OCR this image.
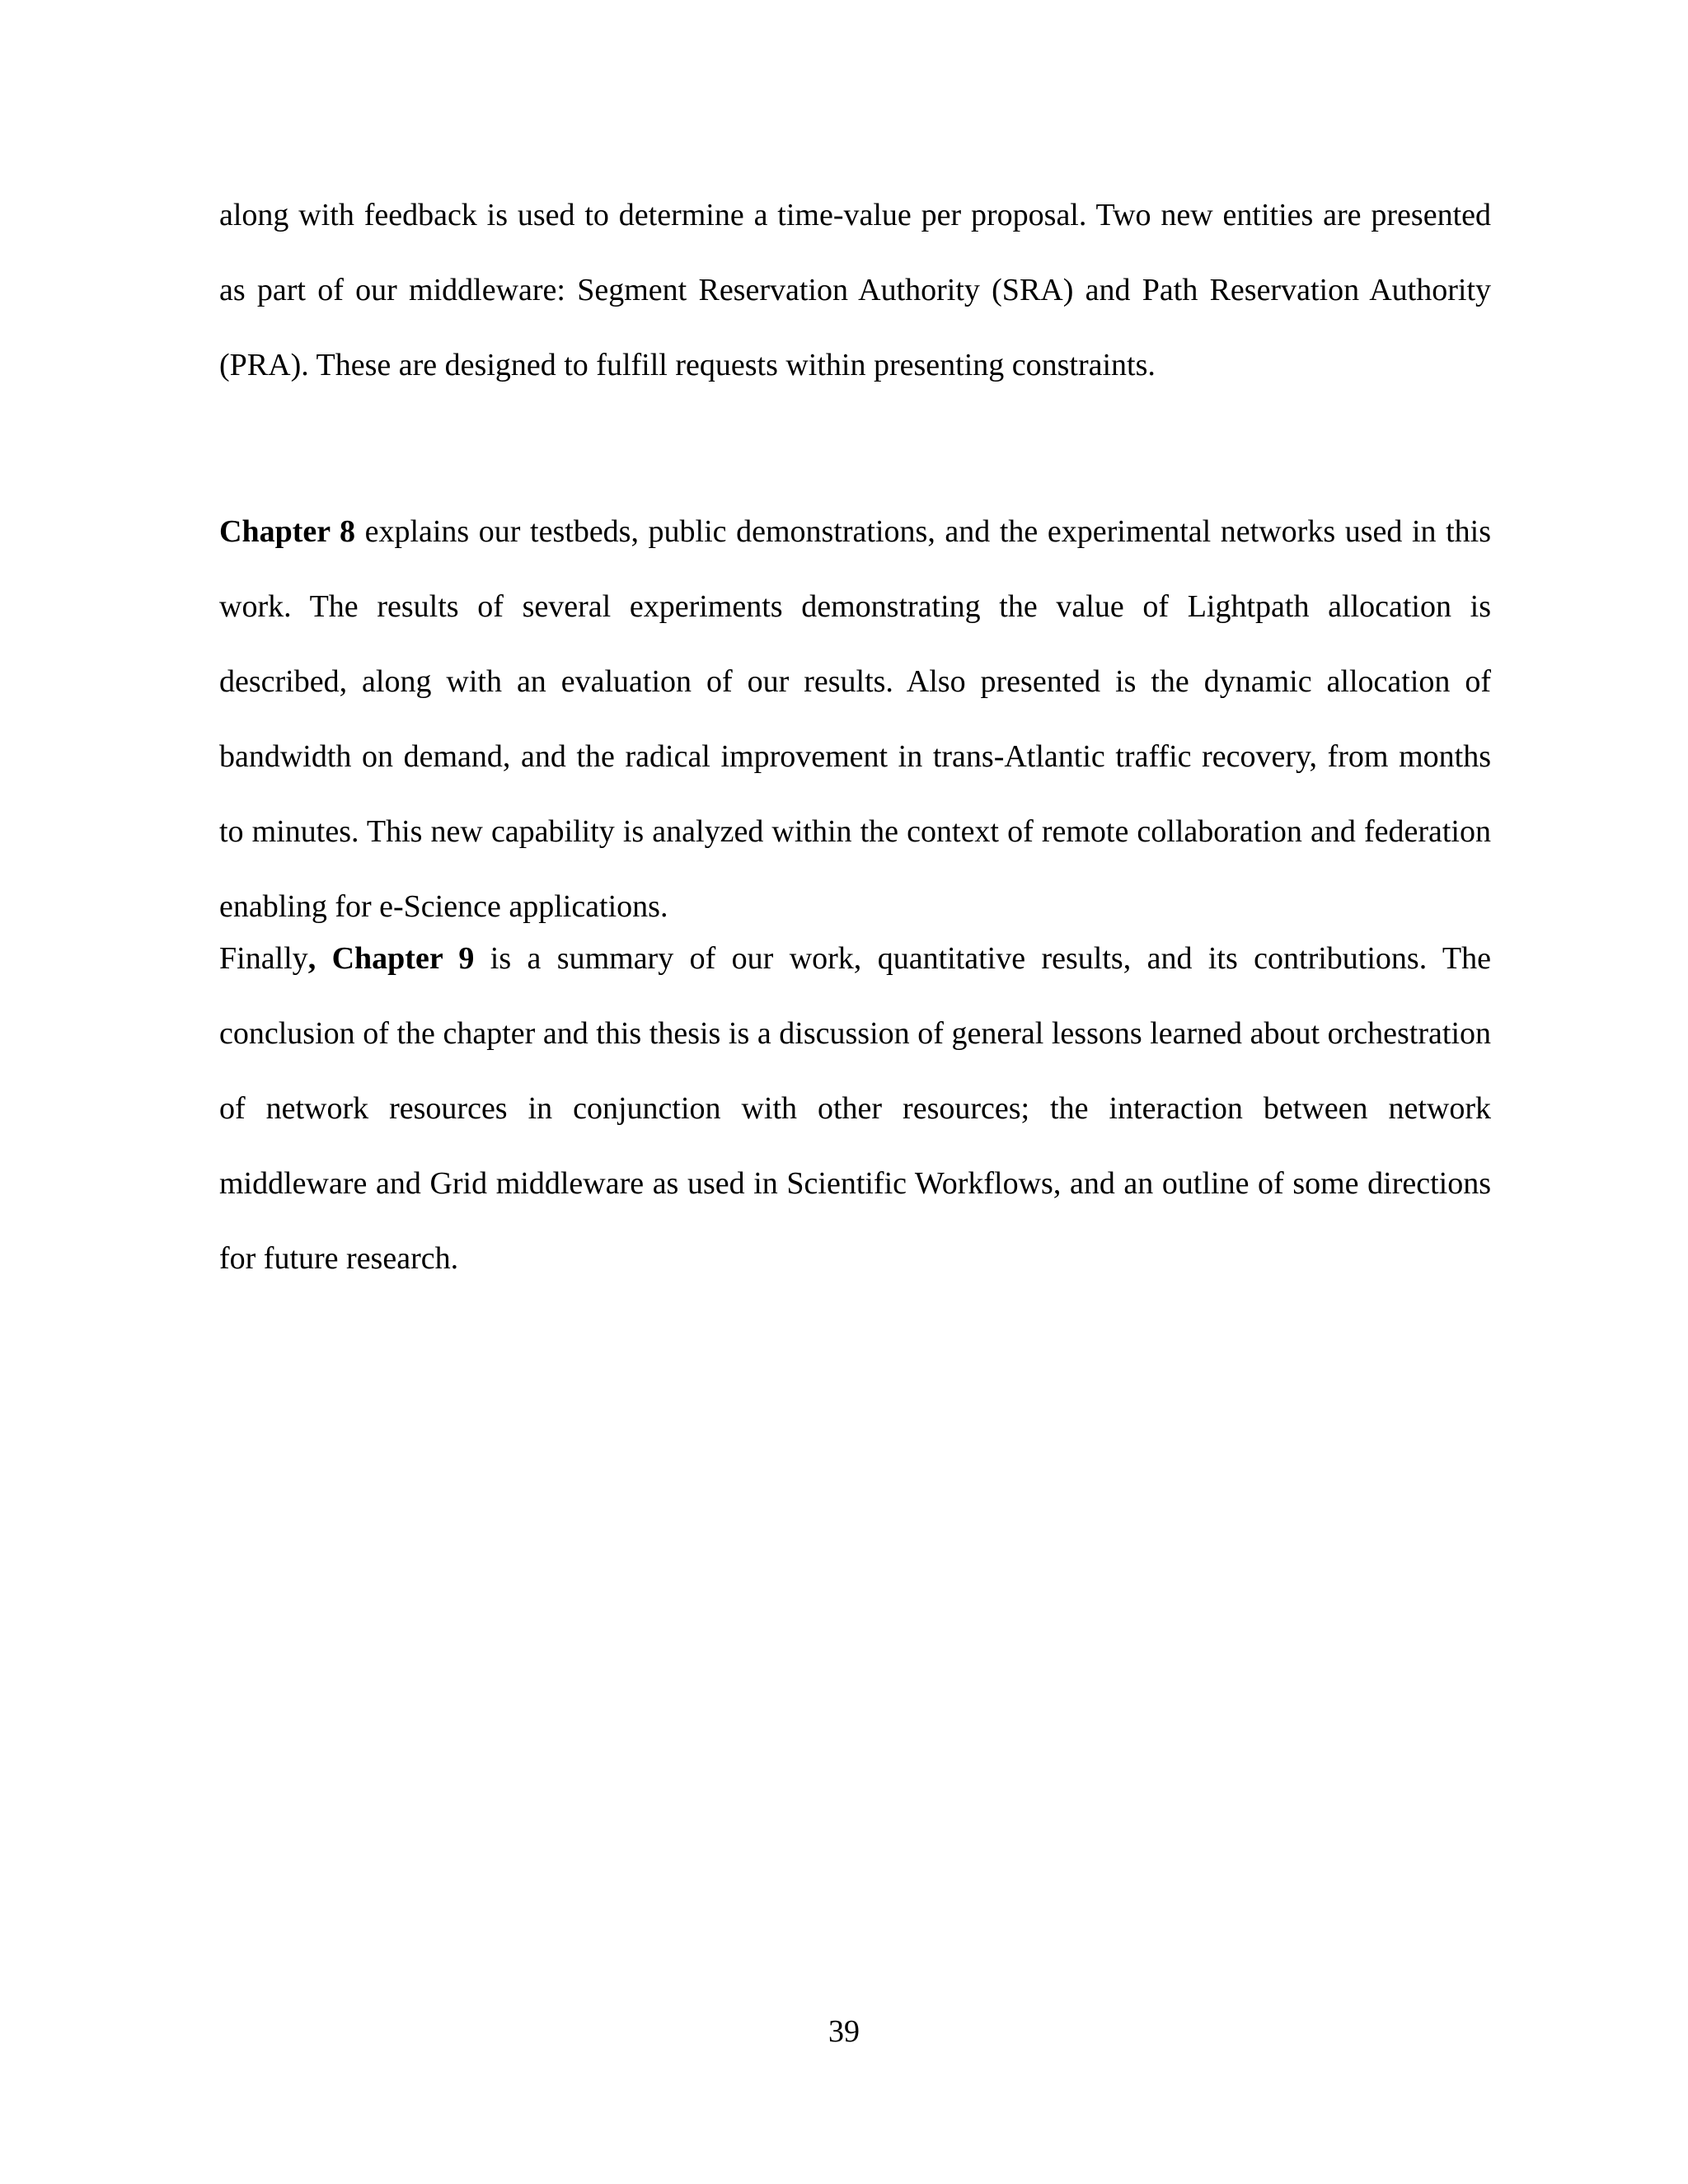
along with feedback is used to determine a time-value per proposal. Two new entities are presented as part of our middleware: Segment Reservation Authority (SRA) and Path Reservation Authority (PRA). These are designed to fulfill requests within presenting constraints.

Chapter 8 explains our testbeds, public demonstrations, and the experimental networks used in this work. The results of several experiments demonstrating the value of Lightpath allocation is described, along with an evaluation of our results. Also presented is the dynamic allocation of bandwidth on demand, and the radical improvement in trans-Atlantic traffic recovery, from months to minutes. This new capability is analyzed within the context of remote collaboration and federation enabling for e-Science applications.

Finally, Chapter 9 is a summary of our work, quantitative results, and its contributions. The conclusion of the chapter and this thesis is a discussion of general lessons learned about orchestration of network resources in conjunction with other resources; the interaction between network middleware and Grid middleware as used in Scientific Workflows, and an outline of some directions for future research.

39
